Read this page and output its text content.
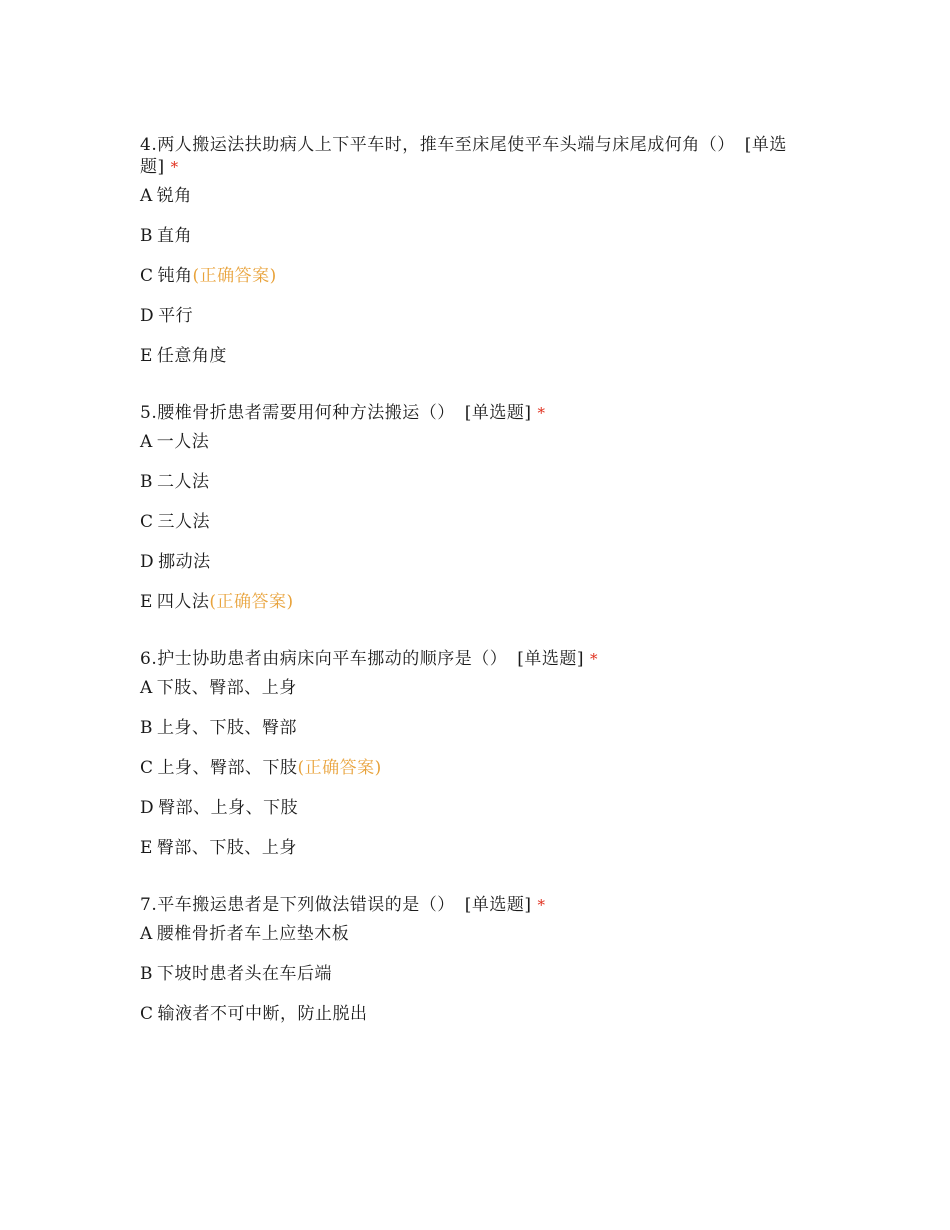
4.两人搬运法扶助病人上下平车时，推车至床尾使平车头端与床尾成何角（） [单选题] *

A 锐角

B 直角

C 钝角(正确答案)

D 平行

E 任意角度

5.腰椎骨折患者需要用何种方法搬运（） [单选题] *

A 一人法

B 二人法

C 三人法

D 挪动法

E 四人法(正确答案)

6.护士协助患者由病床向平车挪动的顺序是（） [单选题] *

A 下肢、臀部、上身

B 上身、下肢、臀部

C 上身、臀部、下肢(正确答案)

D 臀部、上身、下肢

E 臀部、下肢、上身

7.平车搬运患者是下列做法错误的是（） [单选题] *

A 腰椎骨折者车上应垫木板

B 下坡时患者头在车后端

C 输液者不可中断，防止脱出
